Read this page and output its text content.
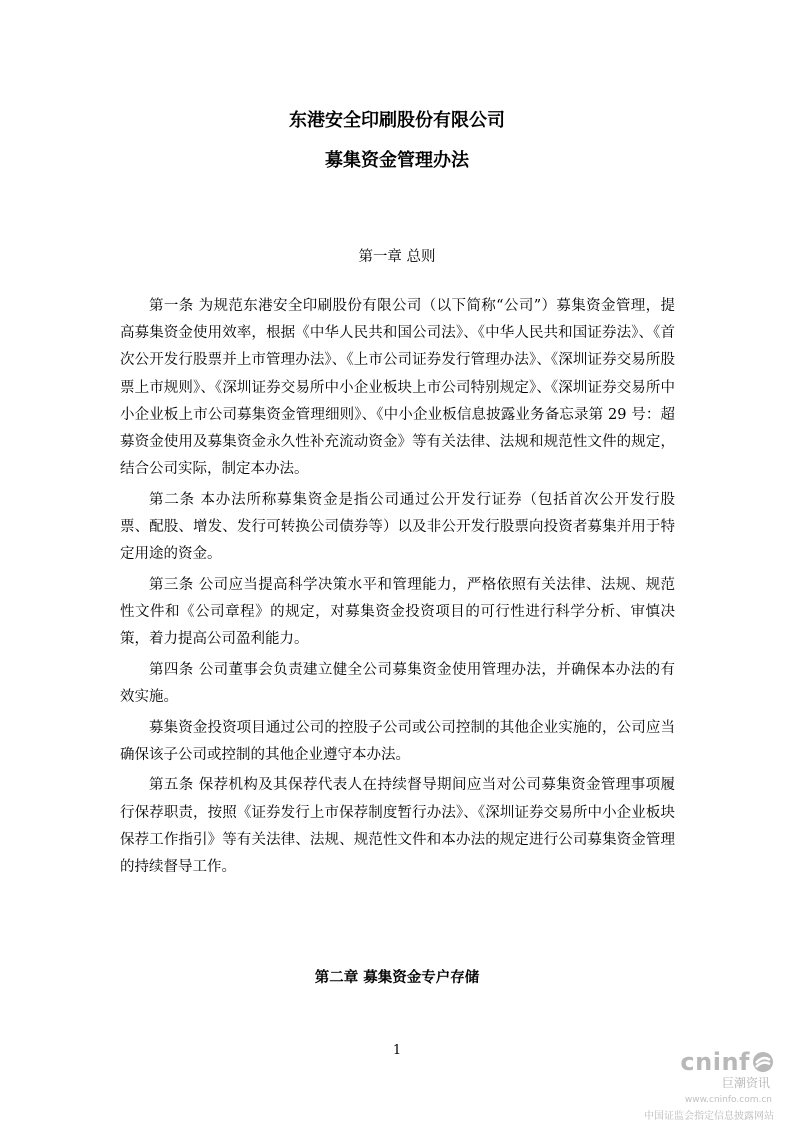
东港安全印刷股份有限公司
募集资金管理办法
第一章 总则

第一条 为规范东港安全印刷股份有限公司（以下简称“公司”）募集资金管理，提高募集资金使用效率，根据《中华人民共和国公司法》、《中华人民共和国证券法》、《首次公开发行股票并上市管理办法》、《上市公司证券发行管理办法》、《深圳证券交易所股票上市规则》、《深圳证券交易所中小企业板块上市公司特别规定》、《深圳证券交易所中小企业板上市公司募集资金管理细则》、《中小企业板信息披露业务备忘录第 29 号：超募资金使用及募集资金永久性补充流动资金》等有关法律、法规和规范性文件的规定，结合公司实际，制定本办法。

第二条 本办法所称募集资金是指公司通过公开发行证券（包括首次公开发行股票、配股、增发、发行可转换公司债券等）以及非公开发行股票向投资者募集并用于特定用途的资金。

第三条 公司应当提高科学决策水平和管理能力，严格依照有关法律、法规、规范性文件和《公司章程》的规定，对募集资金投资项目的可行性进行科学分析、审慎决策，着力提高公司盈利能力。

第四条 公司董事会负责建立健全公司募集资金使用管理办法，并确保本办法的有效实施。

募集资金投资项目通过公司的控股子公司或公司控制的其他企业实施的，公司应当确保该子公司或控制的其他企业遵守本办法。

第五条 保荐机构及其保荐代表人在持续督导期间应当对公司募集资金管理事项履行保荐职责，按照《证券发行上市保荐制度暂行办法》、《深圳证券交易所中小企业板块保荐工作指引》等有关法律、法规、规范性文件和本办法的规定进行公司募集资金管理的持续督导工作。

第二章 募集资金专户存储
1	cninf
巨潮资讯
www.cninfo.com.cn
中国证监会指定信息披露网站
